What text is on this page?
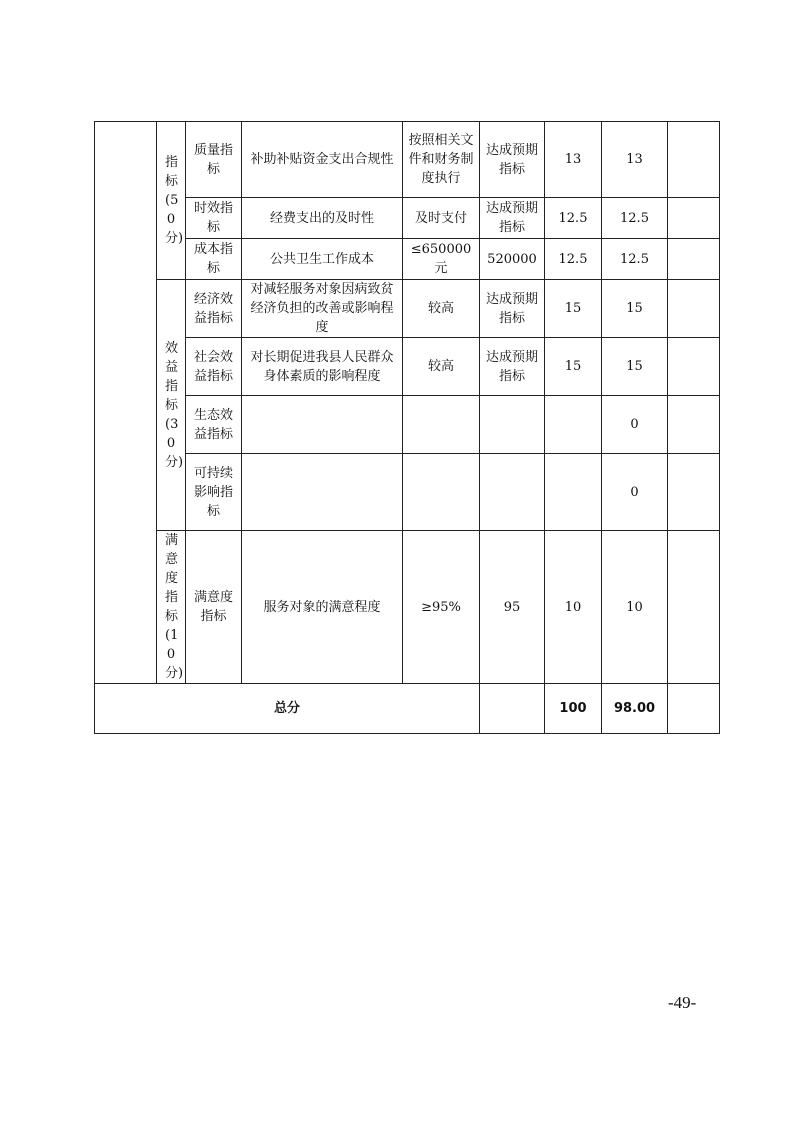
	指标(50分)	质量指标	补助补贴资金支出合规性	按照相关文件和财务制度执行	达成预期指标	13	13	
		时效指标	经费支出的及时性	及时支付	达成预期指标	12.5	12.5	
		成本指标	公共卫生工作成本	≤650000元	520000	12.5	12.5	

	效益指标(30分)	经济效益指标	对减轻服务对象因病致贫经济负担的改善或影响程度	较高	达成预期指标	15	15	
		社会效益指标	对长期促进我县人民群众身体素质的影响程度	较高	达成预期指标	15	15	
		生态效益指标					0	
		可持续影响指标					0	

	满意度指标(10分)	满意度指标	服务对象的满意程度	≥95%	95	10	10	
总分						100	98.00	
-49-
